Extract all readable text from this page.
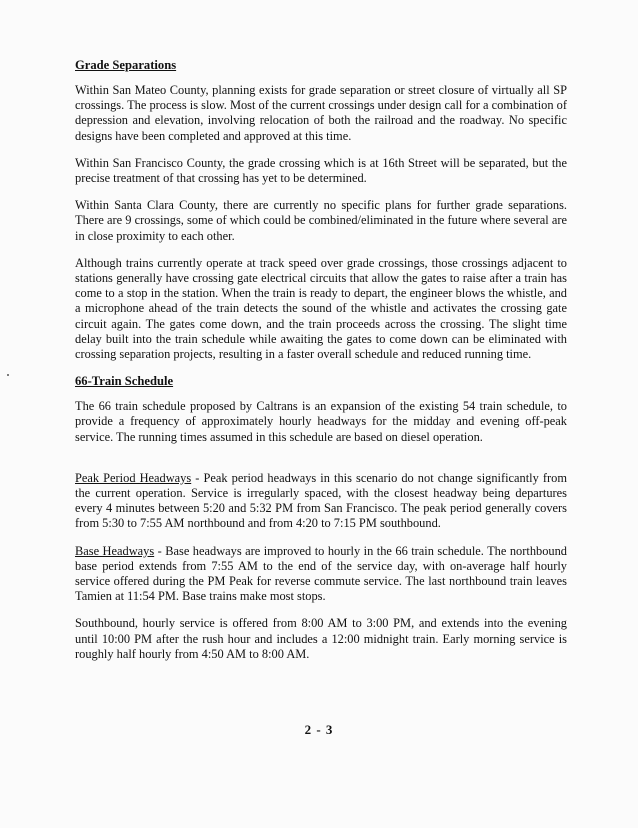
Grade Separations

Within San Mateo County, planning exists for grade separation or street closure of virtually all SP crossings. The process is slow. Most of the current crossings under design call for a combination of depression and elevation, involving relocation of both the railroad and the roadway. No specific designs have been completed and approved at this time.

Within San Francisco County, the grade crossing which is at 16th Street will be separated, but the precise treatment of that crossing has yet to be determined.

Within Santa Clara County, there are currently no specific plans for further grade separations. There are 9 crossings, some of which could be combined/eliminated in the future where several are in close proximity to each other.

Although trains currently operate at track speed over grade crossings, those crossings adjacent to stations generally have crossing gate electrical circuits that allow the gates to raise after a train has come to a stop in the station. When the train is ready to depart, the engineer blows the whistle, and a microphone ahead of the train detects the sound of the whistle and activates the crossing gate circuit again. The gates come down, and the train proceeds across the crossing. The slight time delay built into the train schedule while awaiting the gates to come down can be eliminated with crossing separation projects, resulting in a faster overall schedule and reduced running time.

66-Train Schedule

The 66 train schedule proposed by Caltrans is an expansion of the existing 54 train schedule, to provide a frequency of approximately hourly headways for the midday and evening off-peak service. The running times assumed in this schedule are based on diesel operation.

Peak Period Headways - Peak period headways in this scenario do not change significantly from the current operation. Service is irregularly spaced, with the closest headway being departures every 4 minutes between 5:20 and 5:32 PM from San Francisco. The peak period generally covers from 5:30 to 7:55 AM northbound and from 4:20 to 7:15 PM southbound.

Base Headways - Base headways are improved to hourly in the 66 train schedule. The northbound base period extends from 7:55 AM to the end of the service day, with on-average half hourly service offered during the PM Peak for reverse commute service. The last northbound train leaves Tamien at 11:54 PM. Base trains make most stops.

Southbound, hourly service is offered from 8:00 AM to 3:00 PM, and extends into the evening until 10:00 PM after the rush hour and includes a 12:00 midnight train. Early morning service is roughly half hourly from 4:50 AM to 8:00 AM.

2 - 3
